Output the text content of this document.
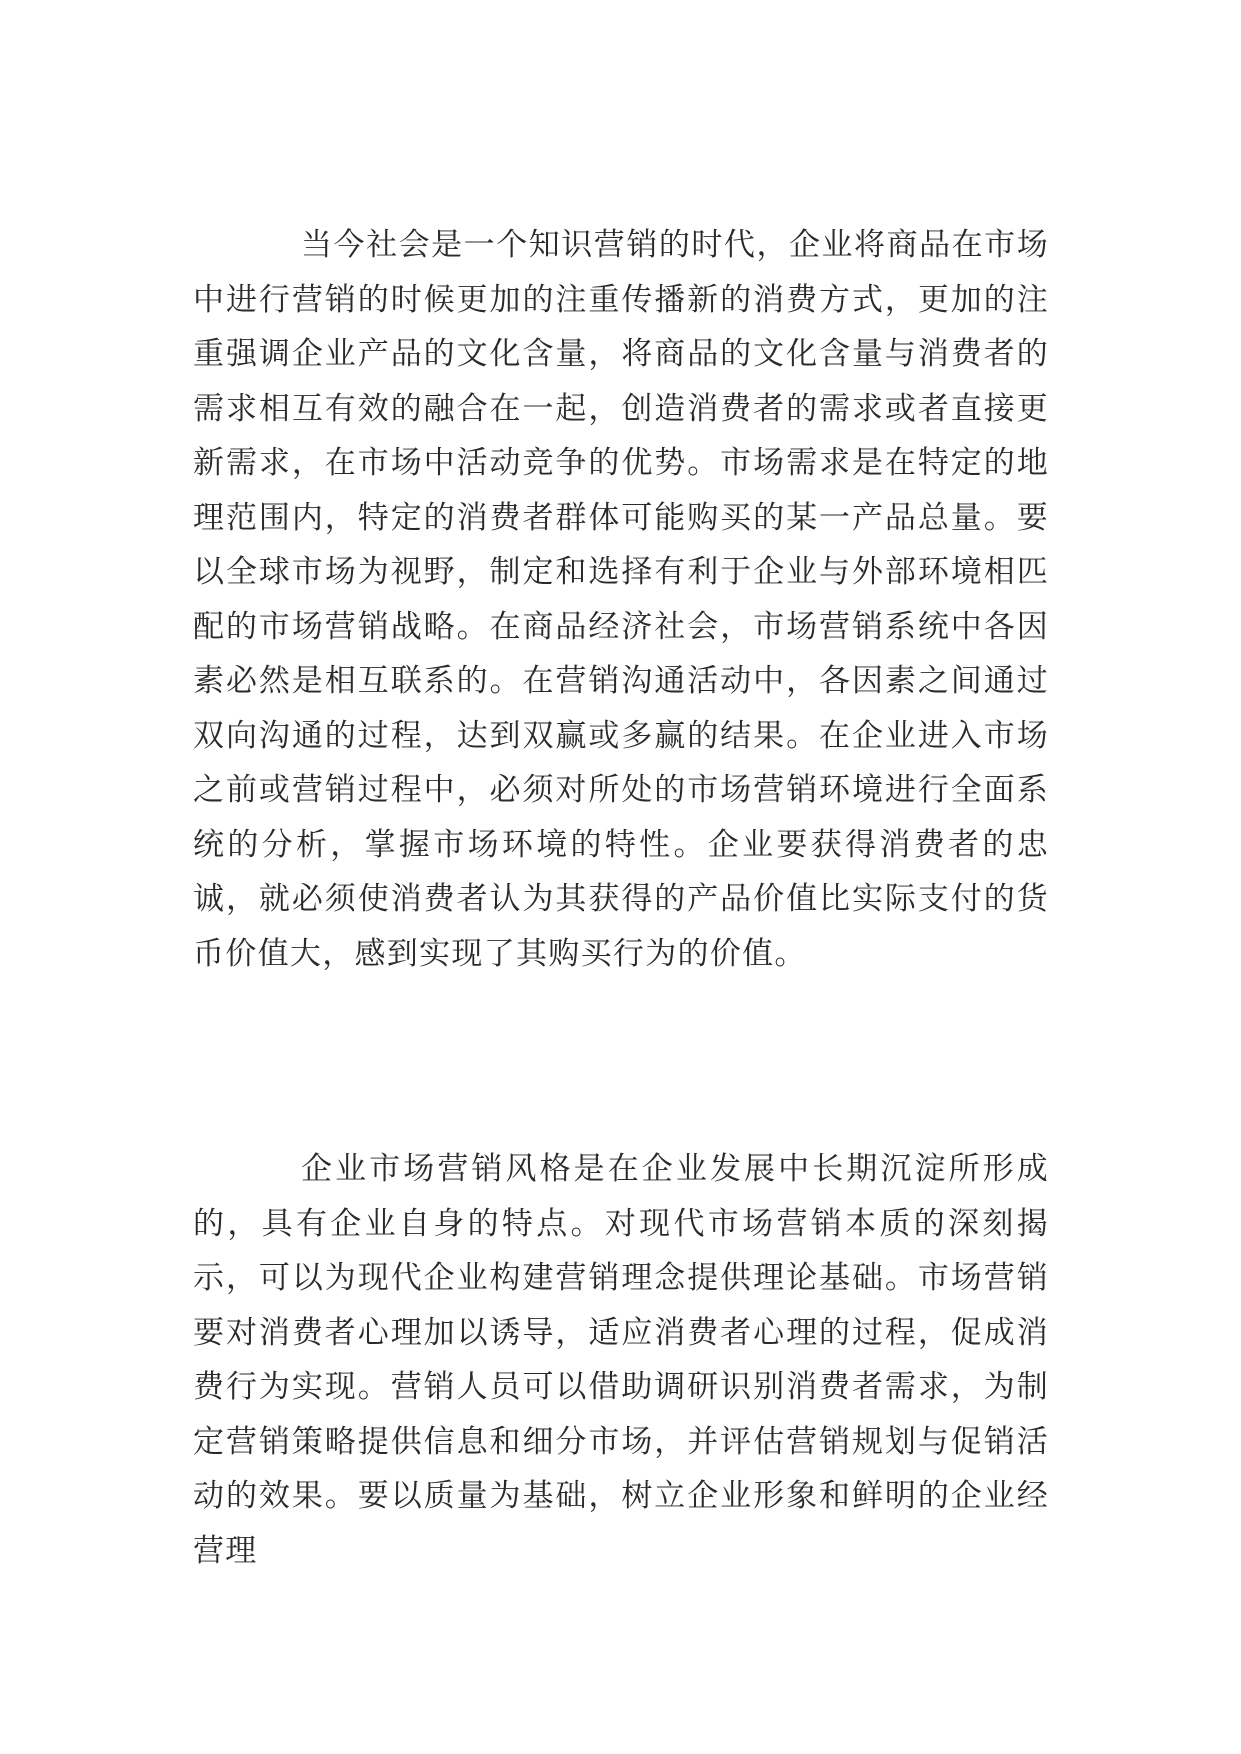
当今社会是一个知识营销的时代，企业将商品在市场中进行营销的时候更加的注重传播新的消费方式，更加的注重强调企业产品的文化含量，将商品的文化含量与消费者的需求相互有效的融合在一起，创造消费者的需求或者直接更新需求，在市场中活动竞争的优势。市场需求是在特定的地理范围内，特定的消费者群体可能购买的某一产品总量。要以全球市场为视野，制定和选择有利于企业与外部环境相匹配的市场营销战略。在商品经济社会，市场营销系统中各因素必然是相互联系的。在营销沟通活动中，各因素之间通过双向沟通的过程，达到双赢或多赢的结果。在企业进入市场之前或营销过程中，必须对所处的市场营销环境进行全面系统的分析，掌握市场环境的特性。企业要获得消费者的忠诚，就必须使消费者认为其获得的产品价值比实际支付的货币价值大，感到实现了其购买行为的价值。

企业市场营销风格是在企业发展中长期沉淀所形成的，具有企业自身的特点。对现代市场营销本质的深刻揭示，可以为现代企业构建营销理念提供理论基础。市场营销要对消费者心理加以诱导，适应消费者心理的过程，促成消费行为实现。营销人员可以借助调研识别消费者需求，为制定营销策略提供信息和细分市场，并评估营销规划与促销活动的效果。要以质量为基础，树立企业形象和鲜明的企业经营理
